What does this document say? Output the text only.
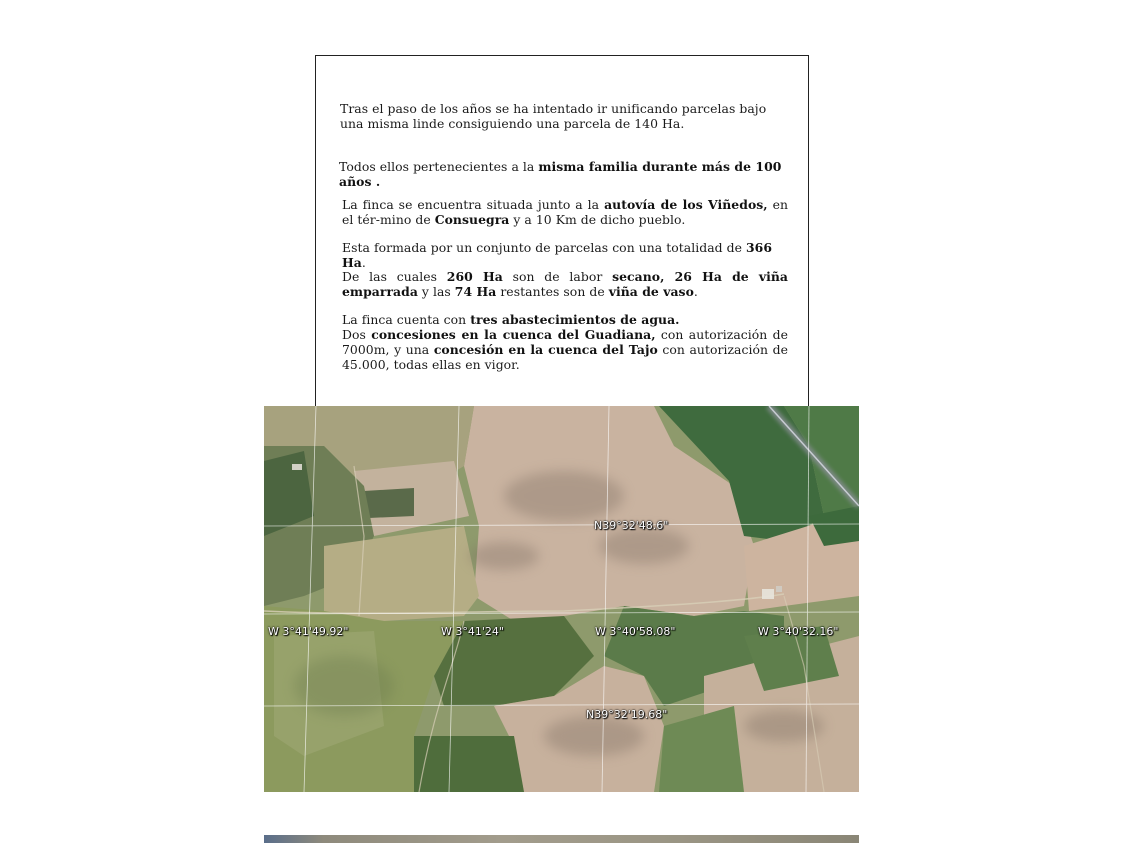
Tras el paso de los años se ha intentado ir unificando parcelas bajo una misma linde consiguiendo una parcela de 140 Ha.
Todos ellos pertenecientes a la misma familia durante más de 100 años .
La finca se encuentra situada junto a la autovía de los Viñedos, en el tér-mino de Consuegra y a 10 Km de dicho pueblo.
Esta formada por un conjunto de parcelas con una totalidad de 366 Ha.
De las cuales 260 Ha son de labor secano, 26 Ha de viña emparrada y las 74 Ha restantes son de viña de vaso.
La finca cuenta con tres abastecimientos de agua.
Dos concesiones en la cuenca del Guadiana, con autorización de 7000m, y una concesión en la cuenca del Tajo con autorización de 45.000, todas ellas en vigor.
N39°32'48.6"
W 3°41'49.92"	W 3°41'24"	W 3°40'58.08"	W 3°40'32.16"
N39°32'19.68"
